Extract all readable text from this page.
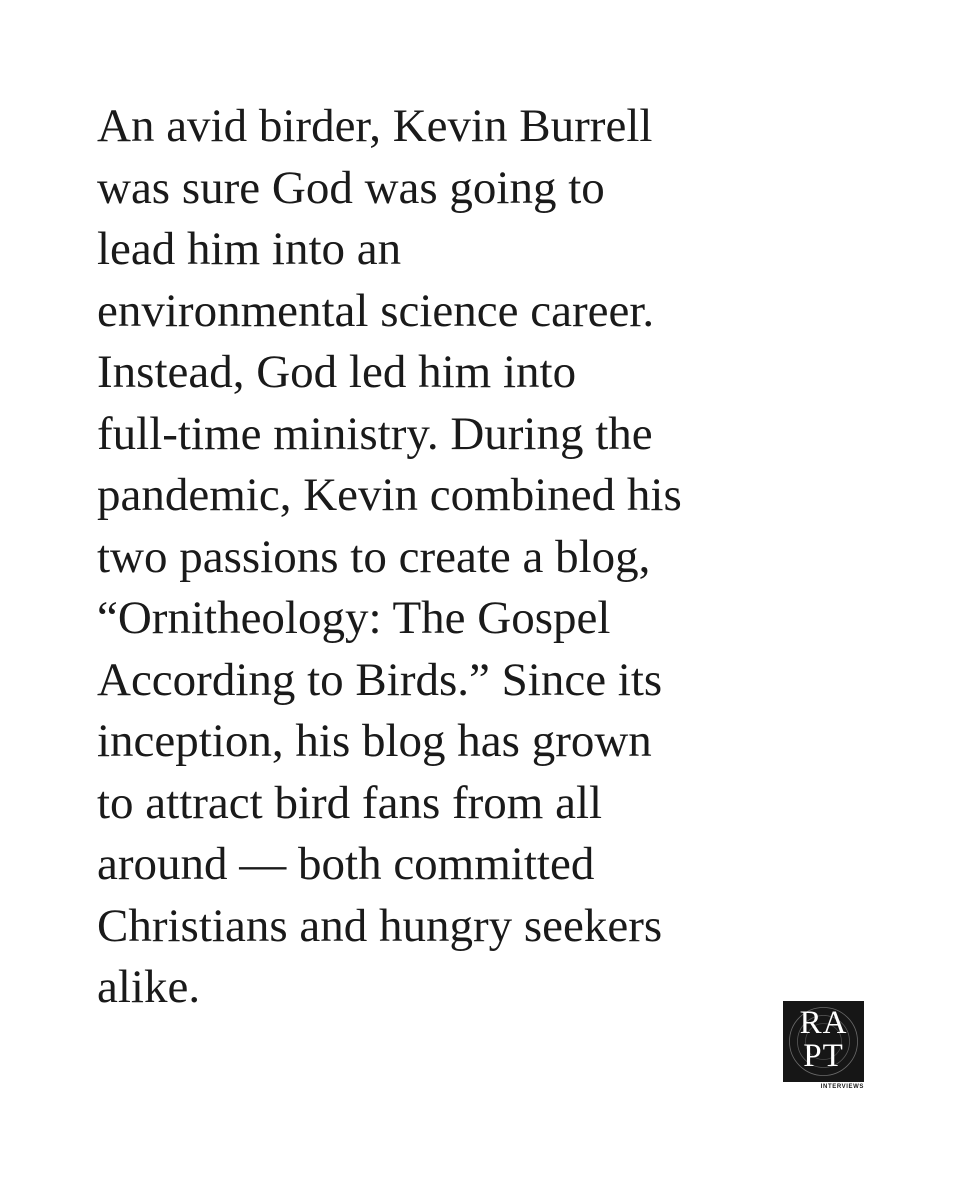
An avid birder, Kevin Burrell
was sure God was going to
lead him into an
environmental science career.
Instead, God led him into
full-time ministry. During the
pandemic, Kevin combined his
two passions to create a blog,
“Ornitheology: The Gospel
According to Birds.” Since its
inception, his blog has grown
to attract bird fans from all
around — both committed
Christians and hungry seekers
alike.

RA
PT
INTERVIEWS
